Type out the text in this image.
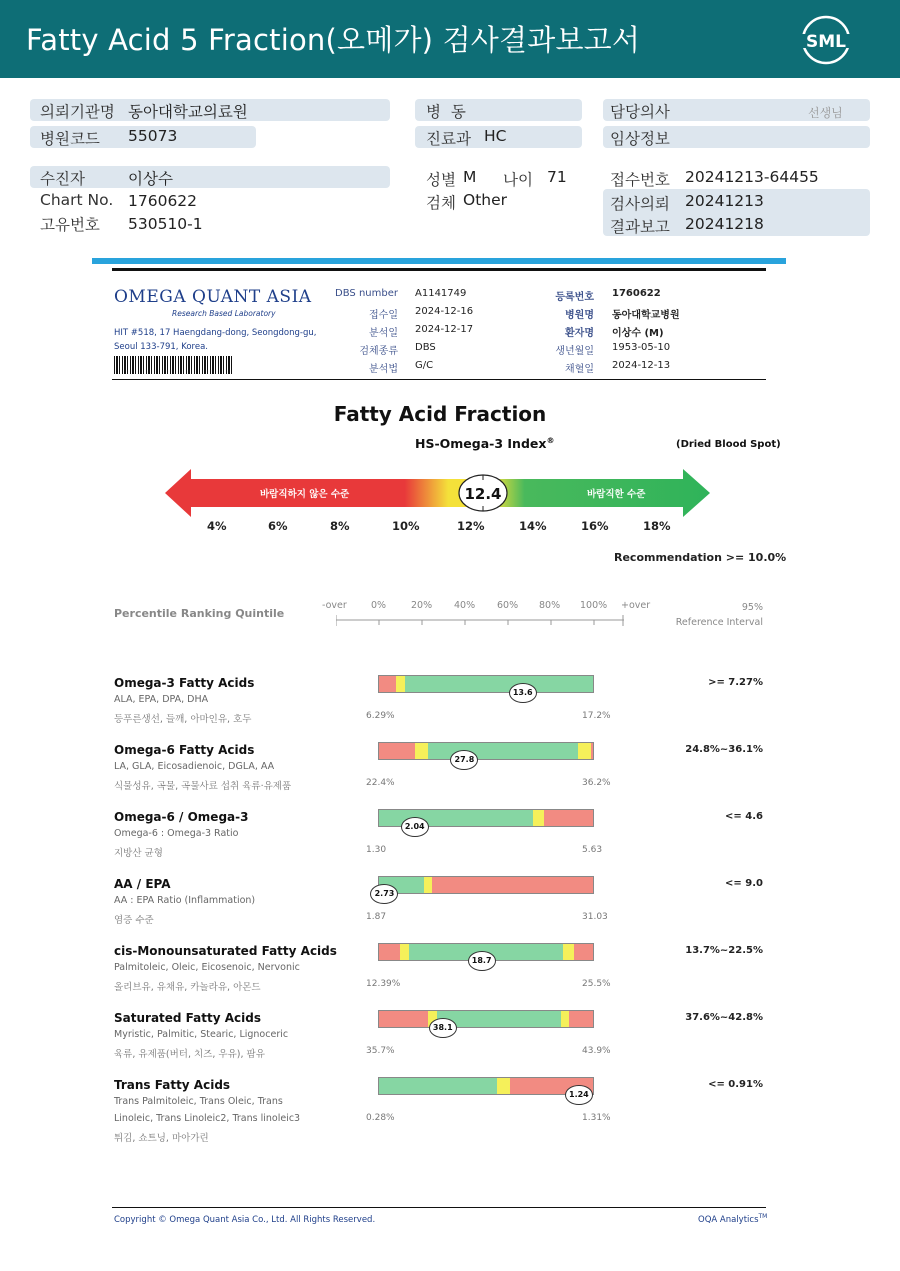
Fatty Acid 5 Fraction(오메가) 검사결과보고서	SML
의뢰기관명 동아대학교의료원
병원코드 55073
병  동
진료과 HC
담당의사	선생님
임상정보
수진자	이상수
Chart No. 1760622
고유번호 530510-1
성별 M 나이 71
검체 Other
접수번호 20241213-64455
검사의뢰 20241213
결과보고 20241218
OMEGA QUANT ASIA
Research Based Laboratory
HIT #518, 17 Haengdang-dong, Seongdong-gu, Seoul 133-791, Korea.
DBS number A1141749
접수일 2024-12-16
분석일 2024-12-17
검체종류 DBS
분석법 G/C
등록번호 1760622
병원명 동아대학교병원
환자명 이상수 (M)
생년월일 1953-05-10
채혈일 2024-12-13
Fatty Acid Fraction
HS-Omega-3 Index®	(Dried Blood Spot)
바람직하지 않은 수준	바람직한 수준
12.4
4%	6%	8%	10%	12%	14%	16%	18%
Recommendation >= 10.0%
Percentile Ranking Quintile
-over	0%	20% 40% 60% 80% 100% +over	95%
Reference Interval
Omega-3 Fatty Acids
ALA, EPA, DPA, DHA
등푸른생선, 들깨, 아마인유, 호두
13.6
6.29%	17.2%
>= 7.27%
Omega-6 Fatty Acids
LA, GLA, Eicosadienoic, DGLA, AA
식물성유, 곡물, 곡물사료 섭취 육류·유제품
27.8
22.4%	36.2%
24.8%~36.1%
Omega-6 / Omega-3
Omega-6 : Omega-3 Ratio
지방산 균형
2.04
1.30	5.63
<= 4.6
AA / EPA
AA : EPA Ratio (Inflammation)
염증 수준
2.73
1.87	31.03
<= 9.0
cis-Monounsaturated Fatty Acids
Palmitoleic, Oleic, Eicosenoic, Nervonic
올리브유, 유채유, 카놀라유, 아몬드
18.7
12.39%	25.5%
13.7%~22.5%
Saturated Fatty Acids
Myristic, Palmitic, Stearic, Lignoceric
육류, 유제품(버터, 치즈, 우유), 팜유
38.1
35.7%	43.9%
37.6%~42.8%
Trans Fatty Acids
Trans Palmitoleic, Trans Oleic, Trans
Linoleic, Trans Linoleic2, Trans linoleic3
튀김, 쇼트닝, 마아가린
1.24
0.28%	1.31%
<= 0.91%
Copyright © Omega Quant Asia Co., Ltd. All Rights Reserved.	OQA Analytics™
